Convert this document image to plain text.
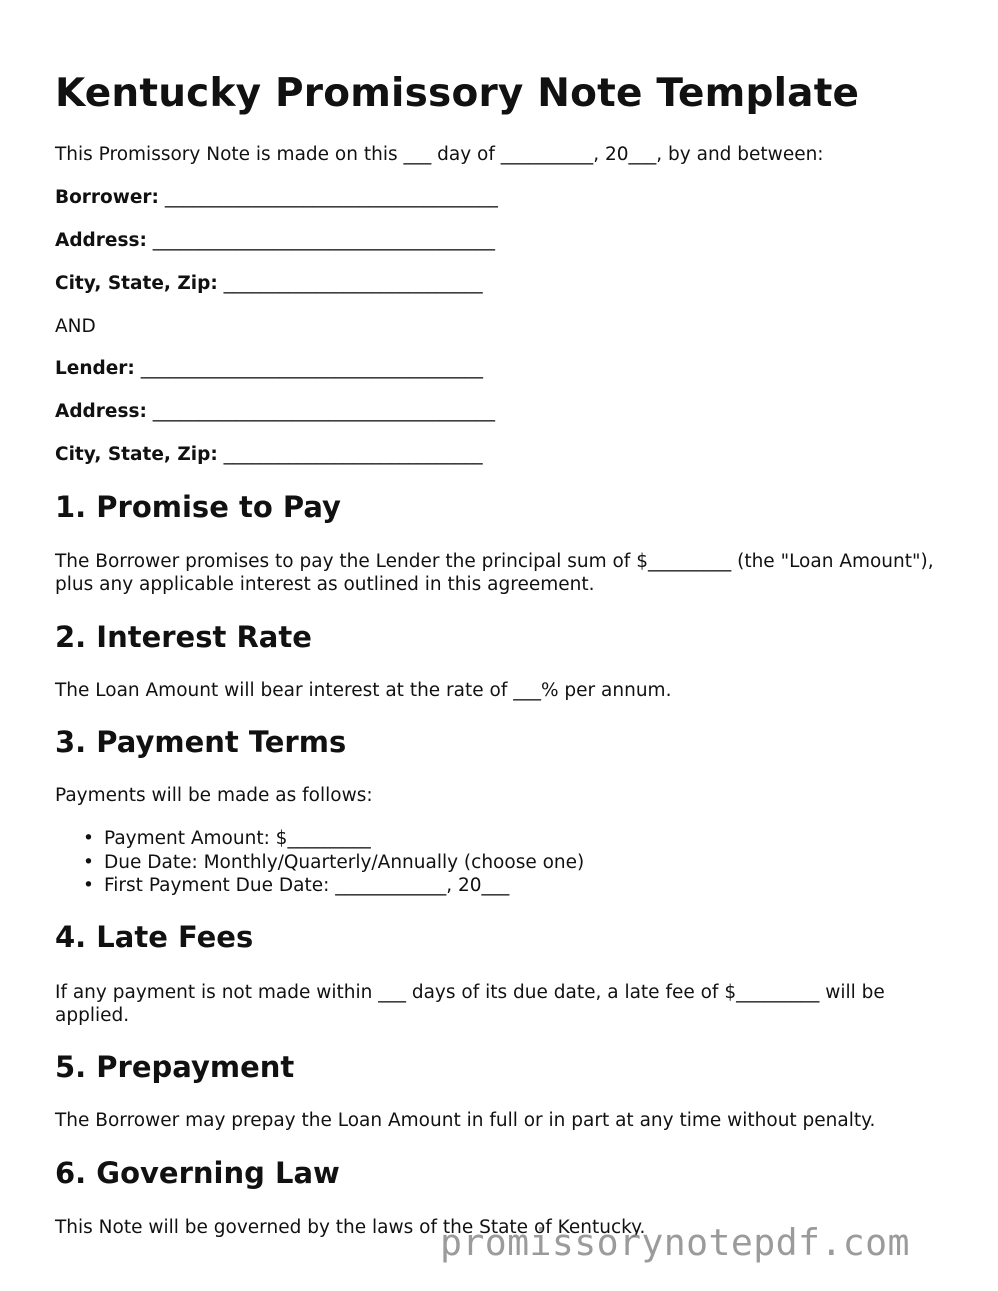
Kentucky Promissory Note Template

This Promissory Note is made on this ___ day of __________, 20___, by and between:

Borrower: ____________________________________

Address: _____________________________________

City, State, Zip: ____________________________

AND

Lender: _____________________________________

Address: _____________________________________

City, State, Zip: ____________________________

1. Promise to Pay

The Borrower promises to pay the Lender the principal sum of $_________ (the "Loan Amount"), plus any applicable interest as outlined in this agreement.

2. Interest Rate

The Loan Amount will bear interest at the rate of ___% per annum.

3. Payment Terms

Payments will be made as follows:

• Payment Amount: $_________
• Due Date: Monthly/Quarterly/Annually (choose one)
• First Payment Due Date: ____________, 20___
4. Late Fees

If any payment is not made within ___ days of its due date, a late fee of $_________ will be applied.

5. Prepayment

The Borrower may prepay the Loan Amount in full or in part at any time without penalty.

6. Governing Law

This Note will be governed by the laws of the State of Kentucky.

promissorynotepdf.com
